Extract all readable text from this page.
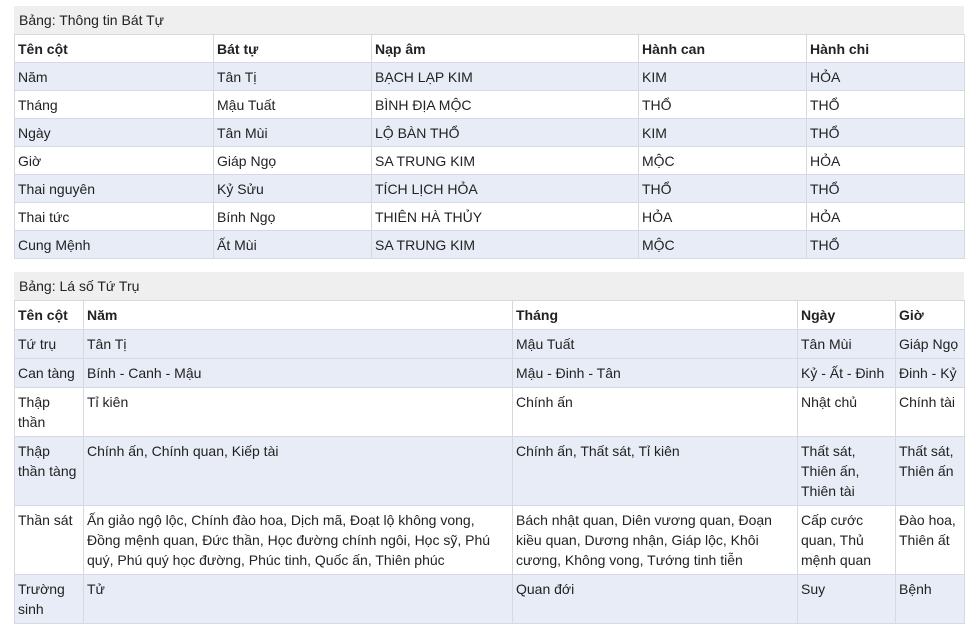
Bảng: Thông tin Bát Tự
Tên cột	Bát tự	Nạp âm	Hành can	Hành chi
Năm	Tân Tị	BẠCH LẠP KIM	KIM	HỎA
Tháng	Mậu Tuất	BÌNH ĐỊA MỘC	THỔ	THỔ
Ngày	Tân Mùi	LỘ BÀN THỔ	KIM	THỔ
Giờ	Giáp Ngọ	SA TRUNG KIM	MỘC	HỎA
Thai nguyên	Kỷ Sửu	TÍCH LỊCH HỎA	THỔ	THỔ
Thai tức	Bính Ngọ	THIÊN HÀ THỦY	HỎA	HỎA
Cung Mệnh	Ất Mùi	SA TRUNG KIM	MỘC	THỔ
Bảng: Lá số Tứ Trụ
Tên cột	Năm	Tháng	Ngày	Giờ
Tứ trụ	Tân Tị	Mậu Tuất	Tân Mùi	Giáp Ngọ
Can tàng	Bính - Canh - Mậu	Mậu - Đinh - Tân	Kỷ - Ất - Đinh	Đinh - Kỷ
Thập thần	Tỉ kiên	Chính ấn	Nhật chủ	Chính tài
Thập thần tàng	Chính ấn, Chính quan, Kiếp tài	Chính ấn, Thất sát, Tỉ kiên	Thất sát, Thiên ấn, Thiên tài	Thất sát, Thiên ấn
Thần sát	Ấn giảo ngộ lộc, Chính đào hoa, Dịch mã, Đoạt lộ không vong, Đồng mệnh quan, Đức thần, Học đường chính ngôi, Học sỹ, Phú quý, Phú quý học đường, Phúc tinh, Quốc ấn, Thiên phúc	Bách nhật quan, Diên vương quan, Đoạn kiều quan, Dương nhận, Giáp lộc, Khôi cương, Không vong, Tướng tinh tiễn	Cấp cước quan, Thủ mệnh quan	Đào hoa, Thiên ất
Trường sinh	Tử	Quan đới	Suy	Bệnh
